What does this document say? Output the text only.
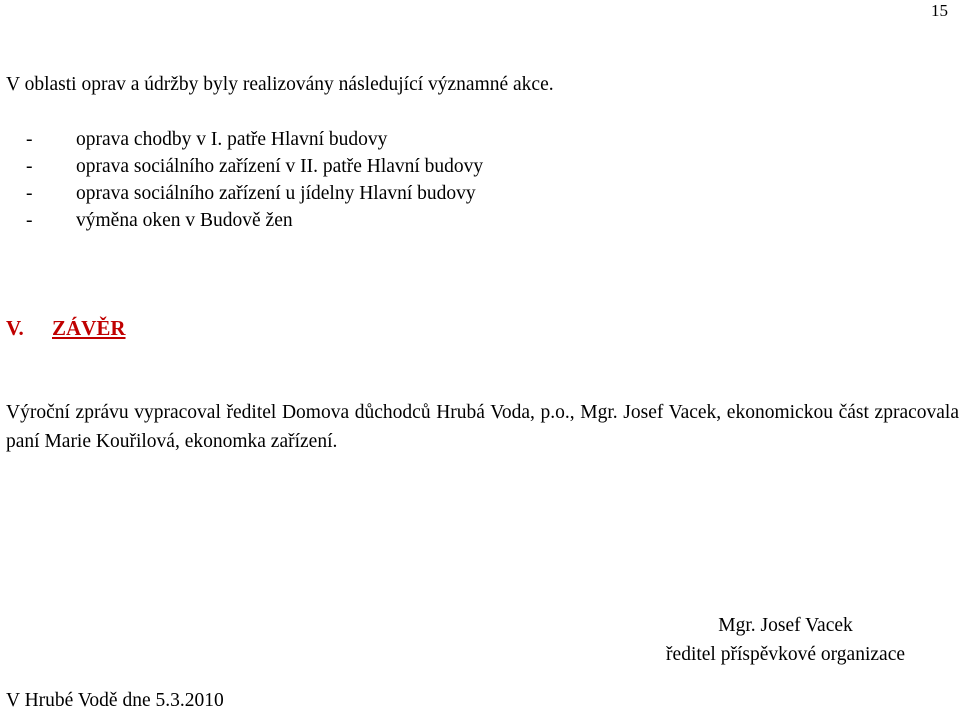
15
V oblasti oprav a údržby byly realizovány následující významné akce.
- oprava chodby v I. patře Hlavní budovy
- oprava sociálního zařízení v II. patře Hlavní budovy
- oprava sociálního zařízení u jídelny Hlavní budovy
- výměna oken v Budově žen
V. ZÁVĚR

Výroční zprávu vypracoval ředitel Domova důchodců Hrubá Voda, p.o., Mgr. Josef Vacek, ekonomickou část zpracovala paní Marie Kouřilová, ekonomka zařízení.

Mgr. Josef Vacek
ředitel příspěvkové organizace
V Hrubé Vodě dne 5.3.2010
